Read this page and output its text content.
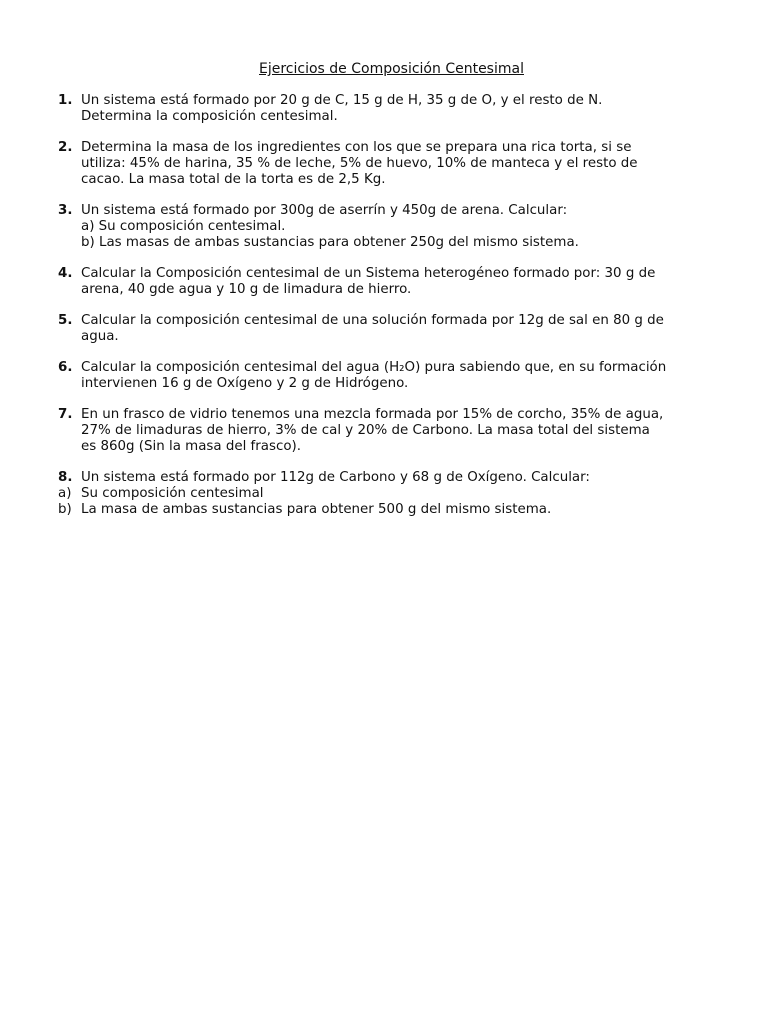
Ejercicios de Composición Centesimal
1. Un sistema está formado por 20 g de C, 15 g de H, 35 g de O, y el resto de N.
Determina la composición centesimal.
2. Determina la masa de los ingredientes con los que se prepara una rica torta, si se
utiliza: 45% de harina, 35 % de leche, 5% de huevo, 10% de manteca y el resto de
cacao. La masa total de la torta es de 2,5 Kg.
3. Un sistema está formado por 300g de aserrín y 450g de arena. Calcular:
a) Su composición centesimal.
b) Las masas de ambas sustancias para obtener 250g del mismo sistema.
4. Calcular la Composición centesimal de un Sistema heterogéneo formado por: 30 g de
arena, 40 gde agua y 10 g de limadura de hierro.
5. Calcular la composición centesimal de una solución formada por 12g de sal en 80 g de
agua.
6. Calcular la composición centesimal del agua (H₂O) pura sabiendo que, en su formación
intervienen 16 g de Oxígeno y 2 g de Hidrógeno.
7. En un frasco de vidrio tenemos una mezcla formada por 15% de corcho, 35% de agua,
27% de limaduras de hierro, 3% de cal y 20% de Carbono. La masa total del sistema
es 860g (Sin la masa del frasco).
8. Un sistema está formado por 112g de Carbono y 68 g de Oxígeno. Calcular:
a) Su composición centesimal
b) La masa de ambas sustancias para obtener 500 g del mismo sistema.
